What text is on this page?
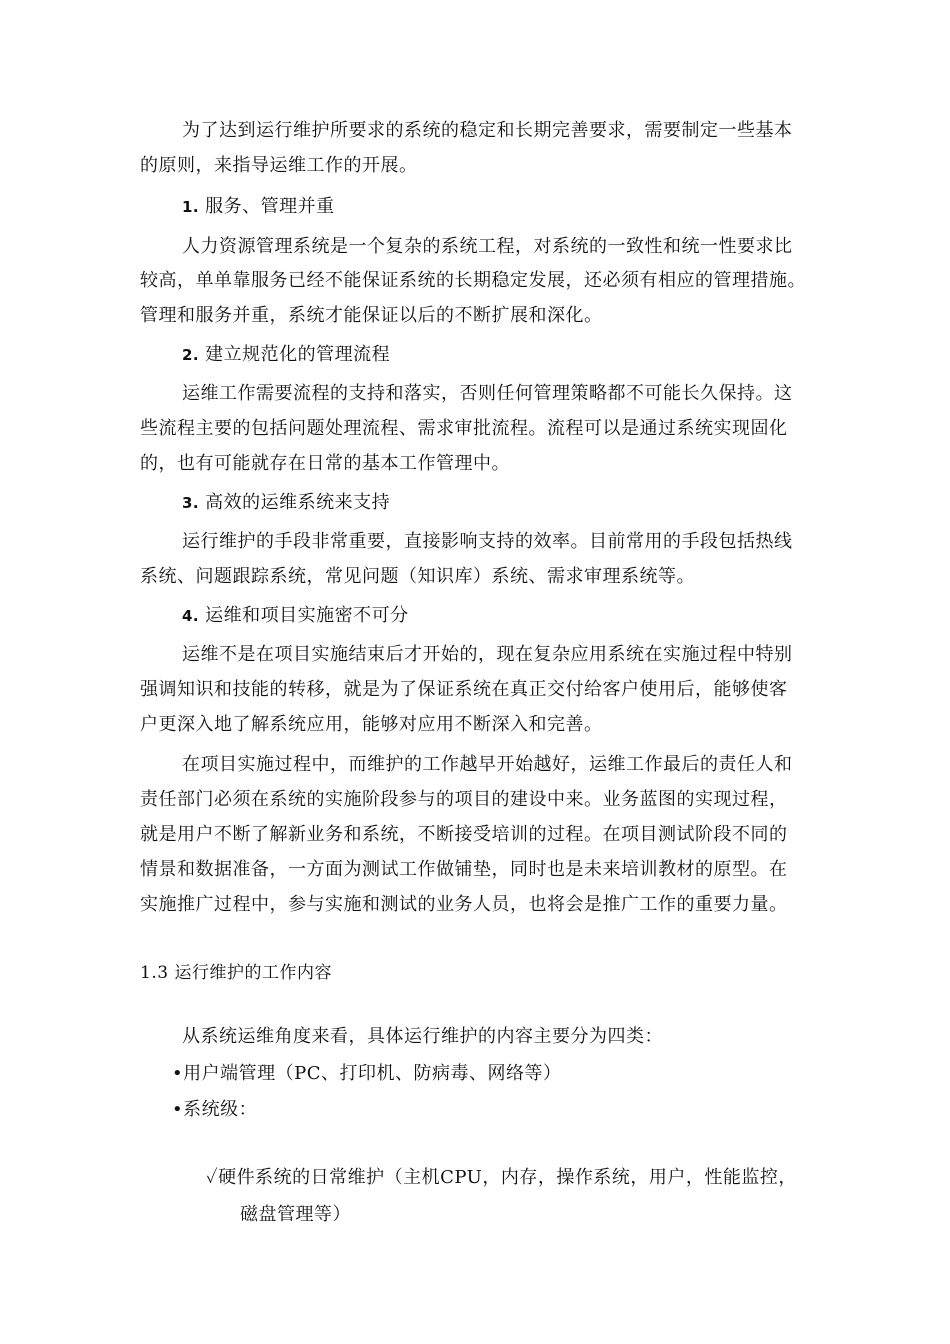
为了达到运行维护所要求的系统的稳定和长期完善要求，需要制定一些基本
的原则，来指导运维工作的开展。
1. 服务、管理并重
人力资源管理系统是一个复杂的系统工程，对系统的一致性和统一性要求比
较高，单单靠服务已经不能保证系统的长期稳定发展，还必须有相应的管理措施。
管理和服务并重，系统才能保证以后的不断扩展和深化。
2. 建立规范化的管理流程
运维工作需要流程的支持和落实，否则任何管理策略都不可能长久保持。这
些流程主要的包括问题处理流程、需求审批流程。流程可以是通过系统实现固化
的，也有可能就存在日常的基本工作管理中。
3. 高效的运维系统来支持
运行维护的手段非常重要，直接影响支持的效率。目前常用的手段包括热线
系统、问题跟踪系统，常见问题（知识库）系统、需求审理系统等。
4. 运维和项目实施密不可分
运维不是在项目实施结束后才开始的，现在复杂应用系统在实施过程中特别
强调知识和技能的转移，就是为了保证系统在真正交付给客户使用后，能够使客
户更深入地了解系统应用，能够对应用不断深入和完善。
在项目实施过程中，而维护的工作越早开始越好，运维工作最后的责任人和
责任部门必须在系统的实施阶段参与的项目的建设中来。业务蓝图的实现过程，
就是用户不断了解新业务和系统，不断接受培训的过程。在项目测试阶段不同的
情景和数据准备，一方面为测试工作做铺垫，同时也是未来培训教材的原型。在
实施推广过程中，参与实施和测试的业务人员，也将会是推广工作的重要力量。
1.3 运行维护的工作内容
从系统运维角度来看，具体运行维护的内容主要分为四类：
•用户端管理（PC、打印机、防病毒、网络等）
•系统级：
✓硬件系统的日常维护（主机CPU，内存，操作系统，用户，性能监控，
磁盘管理等）
